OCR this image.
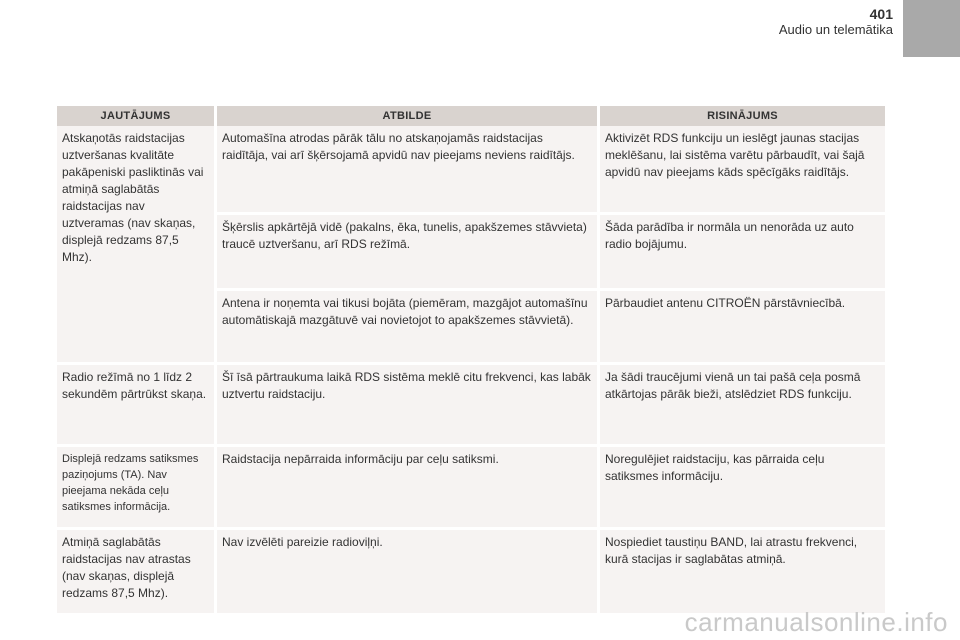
401
Audio un telemātika
JAUTĀJUMS	ATBILDE	RISINĀJUMS
Atskaņotās raidstacijas uztveršanas kvalitāte pakāpeniski pasliktinās vai atmiņā saglabātās raidstacijas nav uztveramas (nav skaņas, displejā redzams 87,5 Mhz).	Automašīna atrodas pārāk tālu no atskaņojamās raidstacijas raidītāja, vai arī šķērsojamā apvidū nav pieejams neviens raidītājs.	Aktivizēt RDS funkciju un ieslēgt jaunas stacijas meklēšanu, lai sistēma varētu pārbaudīt, vai šajā apvidū nav pieejams kāds spēcīgāks raidītājs.
	Šķērslis apkārtējā vidē (pakalns, ēka, tunelis, apakšzemes stāvvieta) traucē uztveršanu, arī RDS režīmā.	Šāda parādība ir normāla un nenorāda uz auto radio bojājumu.
	Antena ir noņemta vai tikusi bojāta (piemēram, mazgājot automašīnu automātiskajā mazgātuvē vai novietojot to apakšzemes stāvvietā).	Pārbaudiet antenu CITROËN pārstāvniecībā.
Radio režīmā no 1 līdz 2 sekundēm pārtrūkst skaņa.	Šī īsā pārtraukuma laikā RDS sistēma meklē citu frekvenci, kas labāk uztvertu raidstaciju.	Ja šādi traucējumi vienā un tai pašā ceļa posmā atkārtojas pārāk bieži, atslēdziet RDS funkciju.
Displejā redzams satiksmes paziņojums (TA). Nav pieejama nekāda ceļu satiksmes informācija.	Raidstacija nepārraida informāciju par ceļu satiksmi.	Noregulējiet raidstaciju, kas pārraida ceļu satiksmes informāciju.
Atmiņā saglabātās raidstacijas nav atrastas (nav skaņas, displejā redzams 87,5 Mhz).	Nav izvēlēti pareizie radioviļņi.	Nospiediet taustiņu BAND, lai atrastu frekvenci, kurā stacijas ir saglabātas atmiņā.
carmanualsonline.info
